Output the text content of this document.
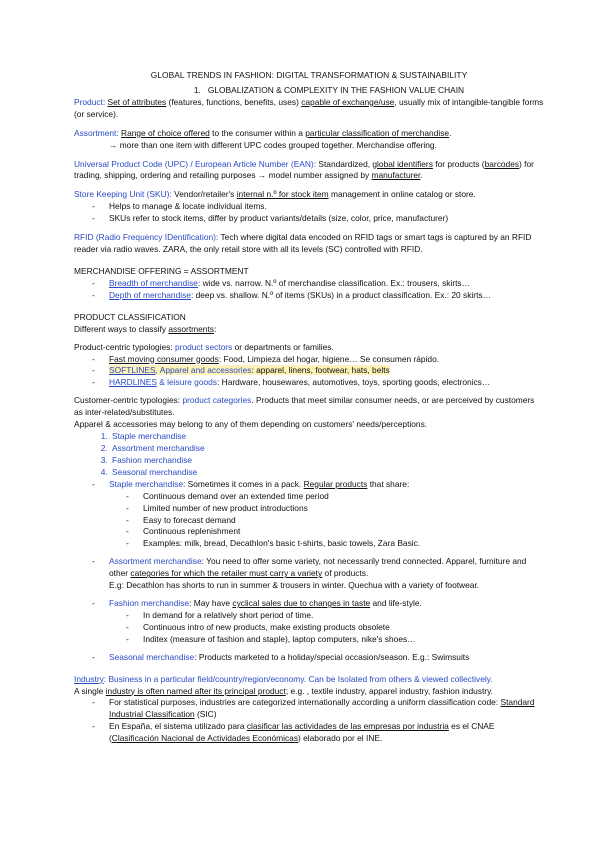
GLOBAL TRENDS IN FASHION: DIGITAL TRANSFORMATION & SUSTAINABILITY

1.   GLOBALIZATION & COMPLEXITY IN THE FASHION VALUE CHAIN

Product: Set of attributes (features, functions, benefits, uses) capable of exchange/use, usually mix of intangible-tangible forms (or service).

Assortment: Range of choice offered to the consumer within a particular classification of merchandise.

→ more than one item with different UPC codes grouped together. Merchandise offering.

Universal Product Code (UPC) / European Article Number (EAN): Standardized, global identifiers for products (barcodes) for trading, shipping, ordering and retailing purposes → model number assigned by manufacturer.

Store Keeping Unit (SKU): Vendor/retailer's internal n.º for stock item management in online catalog or store.

- Helps to manage & locate individual items.
- SKUs refer to stock items, differ by product variants/details (size, color, price, manufacturer)

RFID (Radio Frequency IDentification): Tech where digital data encoded on RFID tags or smart tags is captured by an RFID reader via radio waves. ZARA, the only retail store with all its levels (SC) controlled with RFID.

MERCHANDISE OFFERING = ASSORTMENT

- Breadth of merchandise: wide vs. narrow. N.º of merchandise classification. Ex.: trousers, skirts…
- Depth of merchandise: deep vs. shallow. N.º of items (SKUs) in a product classification. Ex.: 20 skirts…

PRODUCT CLASSIFICATION

Different ways to classify assortments:

Product-centric typologies: product sectors or departments or families.

- Fast moving consumer goods: Food, Limpieza del hogar, higiene… Se consumen rápido.
- SOFTLINES, Apparel and accessories: apparel, linens, footwear, hats, belts
- HARDLINES & leisure goods: Hardware, housewares, automotives, toys, sporting goods, electronics…

Customer-centric typologies: product categories. Products that meet similar consumer needs, or are perceived by customers as inter-related/substitutes.

Apparel & accessories may belong to any of them depending on customers' needs/perceptions.

1. Staple merchandise
2. Assortment merchandise
3. Fashion merchandise
4. Seasonal merchandise
- Staple merchandise: Sometimes it comes in a pack. Regular products that share:
- Continuous demand over an extended time period
- Limited number of new product introductions
- Easy to forecast demand
- Continuous replenishment
- Examples: milk, bread, Decathlon's basic t-shirts, basic towels, Zara Basic.
- Assortment merchandise: You need to offer some variety, not necessarily trend connected. Apparel, furniture and other categories for which the retailer must carry a variety of products.
E.g: Decathlon has shorts to run in summer & trousers in winter. Quechua with a variety of footwear.
- Fashion merchandise: May have cyclical sales due to changes in taste and life-style.
- In demand for a relatively short period of time.
- Continuous intro of new products, make existing products obsolete
- Inditex (measure of fashion and staple), laptop computers, nike's shoes…
- Seasonal merchandise: Products marketed to a holiday/special occasion/season. E.g.: Swimsuits

Industry: Business in a particular field/country/region/economy. Can be Isolated from others & viewed collectively.

A single industry is often named after its principal product; e.g. , textile industry, apparel industry, fashion industry.

- For statistical purposes, industries are categorized internationally according a uniform classification code: Standard Industrial Classification (SIC)
- En España, el sistema utilizado para clasificar las actividades de las empresas por industria es el CNAE (Clasificación Nacional de Actividades Económicas) elaborado por el INE.
